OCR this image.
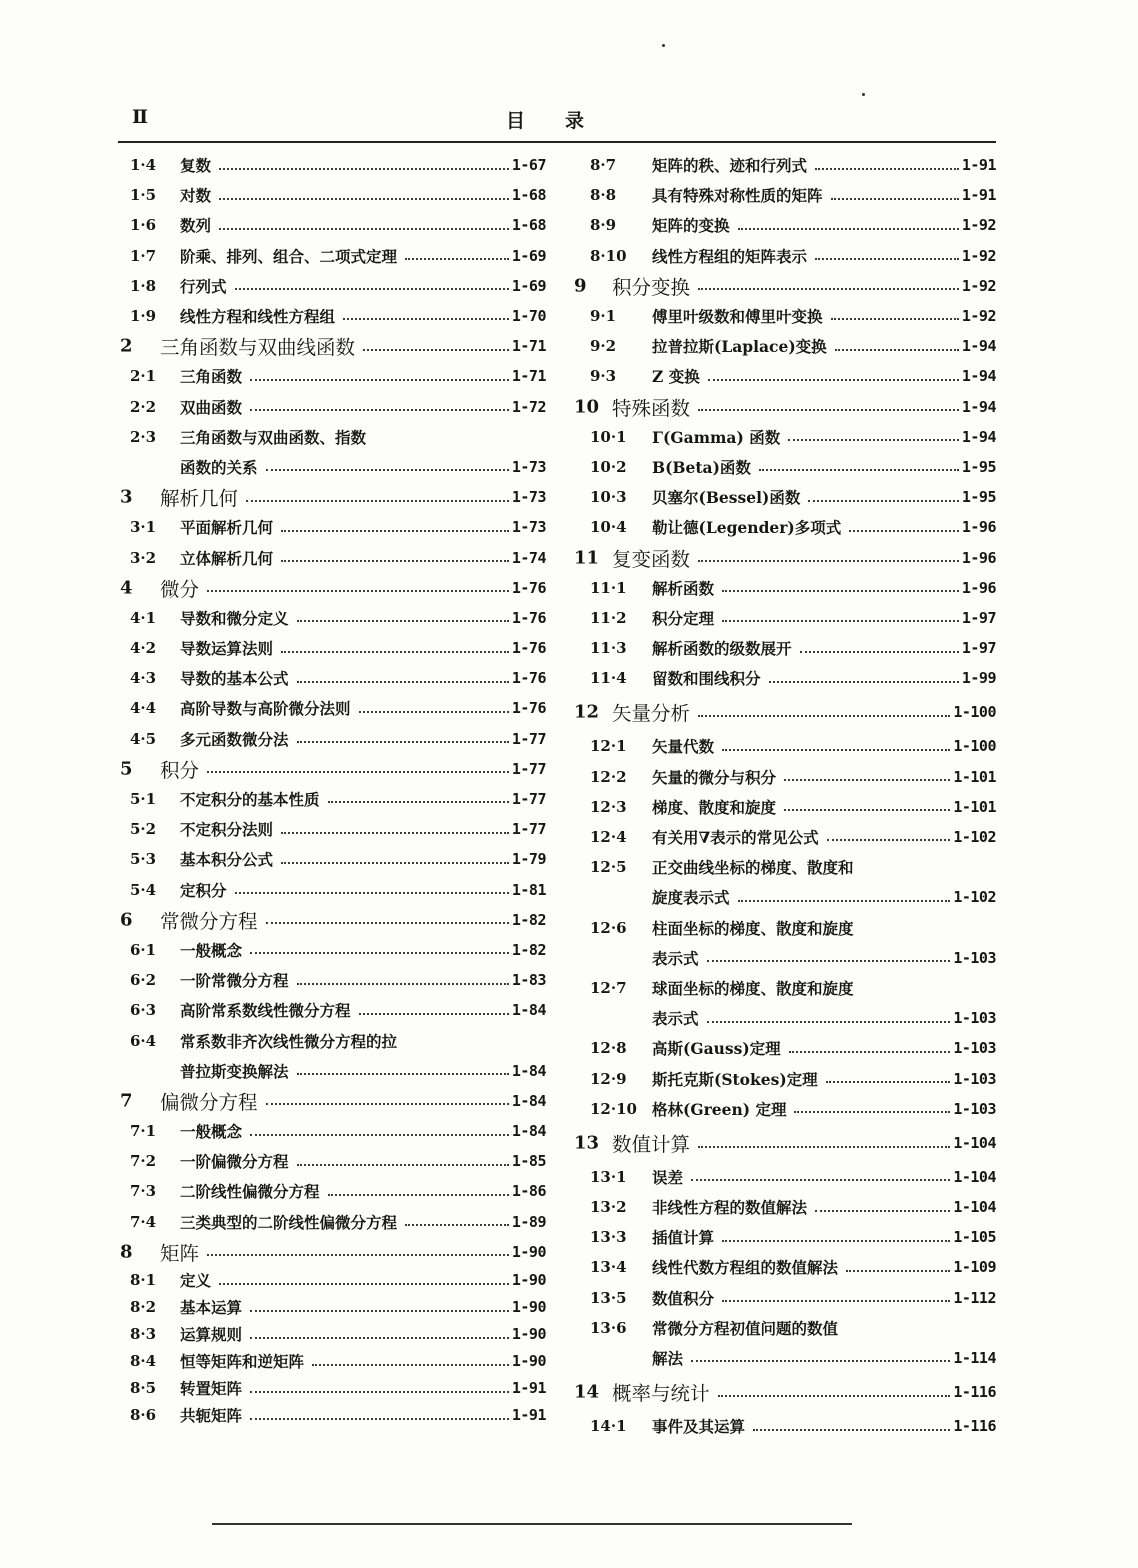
Ⅱ	目录
1·4 复数	1-67
1·5 对数	1-68
1·6 数列	1-68
1·7 阶乘、排列、组合、二项式定理	1-69
1·8 行列式	1-69
1·9 线性方程和线性方程组	1-70
2 三角函数与双曲线函数	1-71
2·1 三角函数	1-71
2·2 双曲函数	1-72
2·3 三角函数与双曲函数、指数
函数的关系	1-73
3 解析几何	1-73
3·1 平面解析几何	1-73
3·2 立体解析几何	1-74
4 微分	1-76
4·1 导数和微分定义	1-76
4·2 导数运算法则	1-76
4·3 导数的基本公式	1-76
4·4 高阶导数与高阶微分法则	1-76
4·5 多元函数微分法	1-77
5 积分	1-77
5·1 不定积分的基本性质	1-77
5·2 不定积分法则	1-77
5·3 基本积分公式	1-79
5·4 定积分	1-81
6 常微分方程	1-82
6·1 一般概念	1-82
6·2 一阶常微分方程	1-83
6·3 高阶常系数线性微分方程	1-84
6·4 常系数非齐次线性微分方程的拉
普拉斯变换解法	1-84
7 偏微分方程	1-84
7·1 一般概念	1-84
7·2 一阶偏微分方程	1-85
7·3 二阶线性偏微分方程	1-86
7·4 三类典型的二阶线性偏微分方程	1-89
8 矩阵	1-90
8·1 定义	1-90
8·2 基本运算	1-90
8·3 运算规则	1-90
8·4 恒等矩阵和逆矩阵	1-90
8·5 转置矩阵	1-91
8·6 共轭矩阵	1-91
8·7 矩阵的秩、迹和行列式	1-91
8·8 具有特殊对称性质的矩阵	1-91
8·9 矩阵的变换	1-92
8·10 线性方程组的矩阵表示	1-92
9 积分变换	1-92
9·1 傅里叶级数和傅里叶变换	1-92
9·2 拉普拉斯(Laplace)变换	1-94
9·3 Z 变换	1-94
10 特殊函数	1-94
10·1 Γ(Gamma) 函数	1-94
10·2 B(Beta)函数	1-95
10·3 贝塞尔(Bessel)函数	1-95
10·4 勒让德(Legender)多项式	1-96
11 复变函数	1-96
11·1 解析函数	1-96
11·2 积分定理	1-97
11·3 解析函数的级数展开	1-97
11·4 留数和围线积分	1-99
12 矢量分析	1-100
12·1 矢量代数	1-100
12·2 矢量的微分与积分	1-101
12·3 梯度、散度和旋度	1-101
12·4 有关用∇表示的常见公式	1-102
12·5 正交曲线坐标的梯度、散度和
旋度表示式	1-102
12·6 柱面坐标的梯度、散度和旋度
表示式	1-103
12·7 球面坐标的梯度、散度和旋度
表示式	1-103
12·8 高斯(Gauss)定理	1-103
12·9 斯托克斯(Stokes)定理	1-103
12·10 格林(Green) 定理	1-103
13 数值计算	1-104
13·1 误差	1-104
13·2 非线性方程的数值解法	1-104
13·3 插值计算	1-105
13·4 线性代数方程组的数值解法	1-109
13·5 数值积分	1-112
13·6 常微分方程初值问题的数值
解法	1-114
14 概率与统计	1-116
14·1 事件及其运算	1-116
